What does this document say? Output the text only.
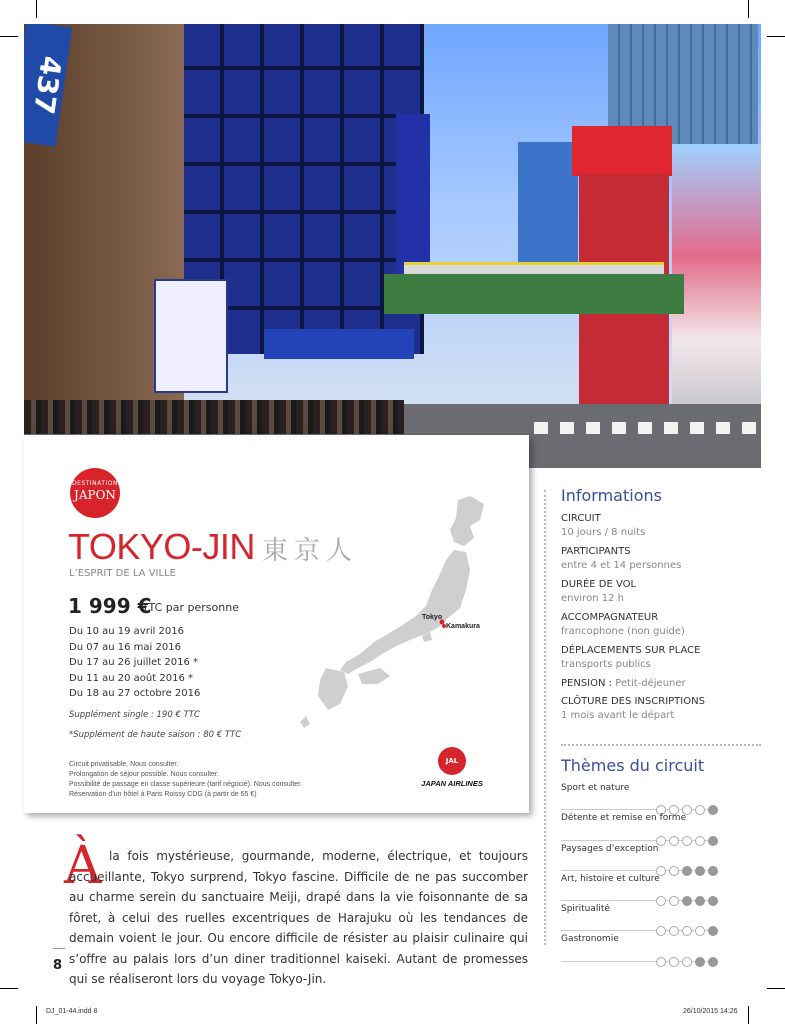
437
DESTINATION
JAPON
TOKYO-JIN 東京人
L’ESPRIT DE LA VILLE
1 999 €
TTC par personne
Du 10 au 19 avril 2016
Du 07 au 16 mai 2016
Du 17 au 26 juillet 2016 *
Du 11 au 20 août 2016 *
Du 18 au 27 octobre 2016
Supplément single : 190 € TTC
*Supplément de haute saison : 80 € TTC
Circuit privatisable. Nous consulter.
Prolongation de séjour possible. Nous consulter.
Possibilité de passage en classe supérieure (tarif négocié). Nous consulter.
Réservation d’un hôtel à Paris Roissy CDG (à partir de 65 €)
Tokyo
Kamakura
JAL
JAPAN AIRLINES
Informations
CIRCUIT
10 jours / 8 nuits
PARTICIPANTS
entre 4 et 14 personnes
DURÉE DE VOL
environ 12 h
ACCOMPAGNATEUR
francophone (non guide)
DÉPLACEMENTS SUR PLACE
transports publics
PENSION : Petit-déjeuner
CLÔTURE DES INSCRIPTIONS
1 mois avant le départ
Thèmes du circuit
Sport et nature
Détente et remise en forme
Paysages d’exception
Art, histoire et culture
Spiritualité
Gastronomie
À la fois mystérieuse, gourmande, moderne, électrique, et toujours accueillante, Tokyo surprend, Tokyo fascine. Difficile de ne pas succomber au charme serein du sanctuaire Meiji, drapé dans la vie foisonnante de sa fôret, à celui des ruelles excentriques de Harajuku où les tendances de demain voient le jour. Ou encore difficile de résister au plaisir culinaire qui s’offre au palais lors d’un diner traditionnel kaiseki. Autant de promesses qui se réaliseront lors du voyage Tokyo-Jin.

8
DJ_01-44.indd 8	26/10/2015 14:26
